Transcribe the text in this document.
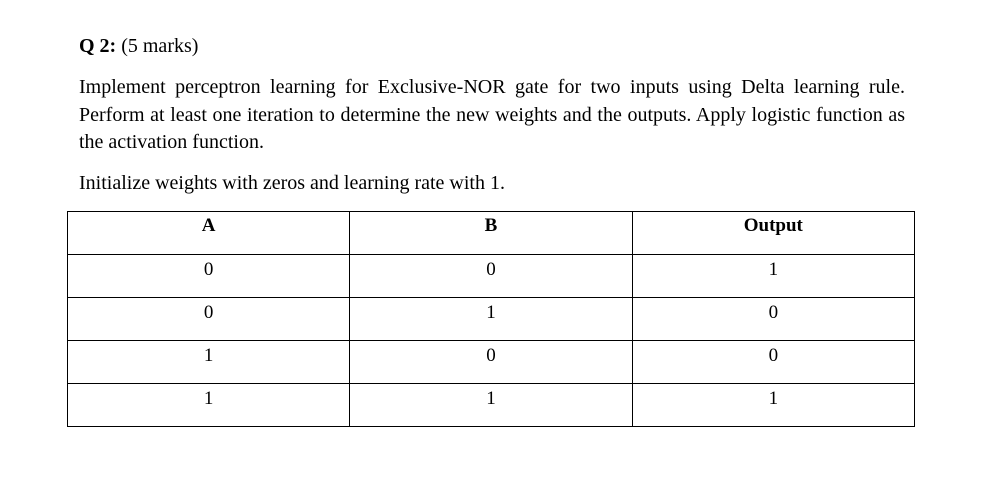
Q 2: (5 marks)

Implement perceptron learning for Exclusive-NOR gate for two inputs using Delta learning rule. Perform at least one iteration to determine the new weights and the outputs. Apply logistic function as the activation function.

Initialize weights with zeros and learning rate with 1.

A	B	Output
0	0	1
0	1	0
1	0	0
1	1	1
